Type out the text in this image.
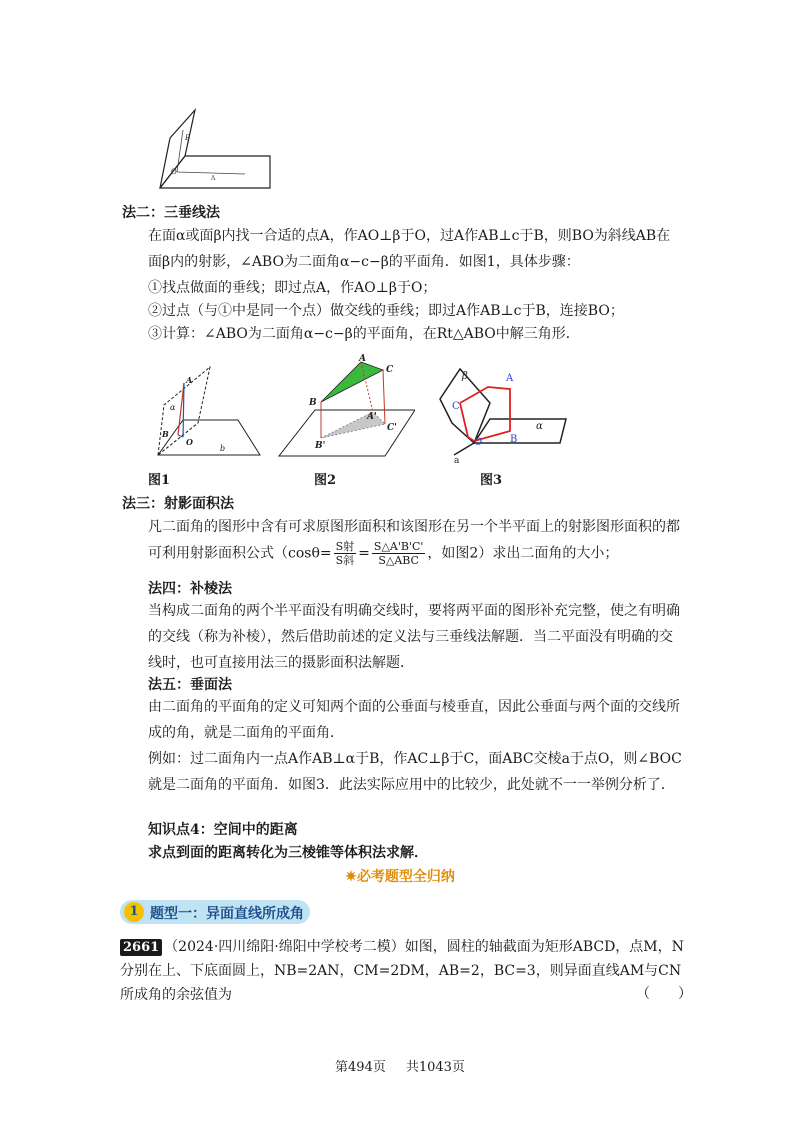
B
O
A
法二：三垂线法
在面α或面β内找一合适的点A，作AO⊥β于O，过A作AB⊥c于B，则BO为斜线AB在面β内的射影，∠ABO为二面角α−c−β的平面角．如图1，具体步骤：
①找点做面的垂线；即过点A，作AO⊥β于O；
②过点（与①中是同一个点）做交线的垂线；即过A作AB⊥c于B，连接BO；
③计算：∠ABO为二面角α−c−β的平面角，在Rt△ABO中解三角形．
A
α
B
O
b
图1
A
C
B
A'
B'
C'
图2
β	A
C
B
O
α
a
图3
法三：射影面积法
凡二面角的图形中含有可求原图形面积和该图形在另一个半平面上的射影图形面积的都可利用射影面积公式（$\cos\theta= \frac{\text{S射}}{\text{S斜}} = \frac{S\triangle A'B'C'}{\text{S△ABC}}$ ，如图2）求出二面角的大小；
法四：补棱法
当构成二面角的两个半平面没有明确交线时，要将两平面的图形补充完整，使之有明确的交线（称为补棱），然后借助前述的定义法与三垂线法解题．当二平面没有明确的交线时，也可直接用法三的摄影面积法解题．
法五：垂面法
由二面角的平面角的定义可知两个面的公垂面与棱垂直，因此公垂面与两个面的交线所成的角，就是二面角的平面角．
例如：过二面角内一点A作AB⊥α于B，作AC⊥β于C，面ABC交棱a于点O，则∠BOC就是二面角的平面角．如图3．此法实际应用中的比较少，此处就不一一举例分析了．
知识点4：空间中的距离
求点到面的距离转化为三棱锥等体积法求解．
✷必考题型全归纳
1 题型一：异面直线所成角
2661 （2024·四川绵阳·绵阳中学校考二模）如图，圆柱的轴截面为矩形ABCD，点M，N分别在上、下底面圆上，NB=2AN，CM=2DM，AB=2，BC=3，则异面直线AM与CN所成角的余弦值为	（　　）
第494页 共1043页
